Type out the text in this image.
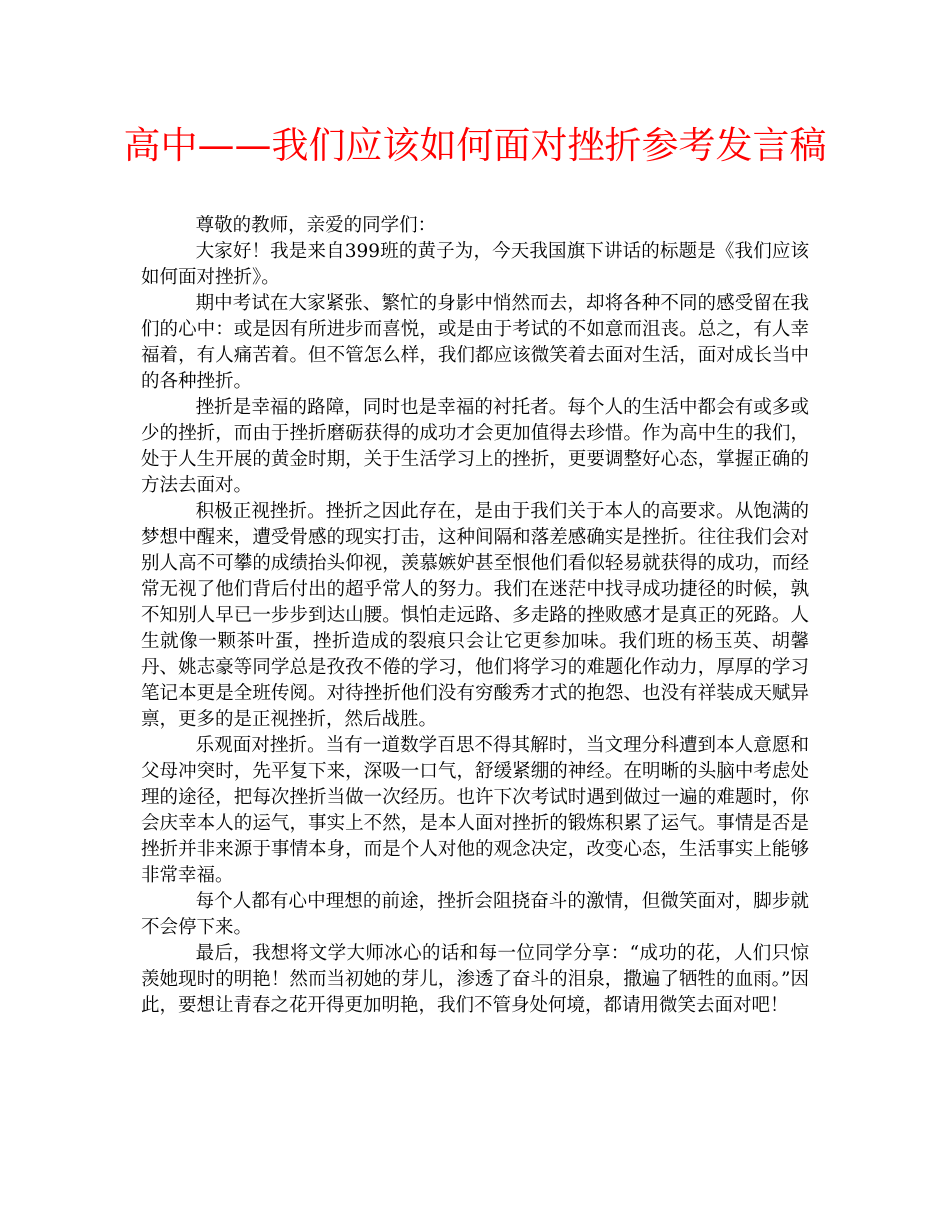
高中——我们应该如何面对挫折参考发言稿

尊敬的教师，亲爱的同学们：

大家好！我是来自399班的黄子为，今天我国旗下讲话的标题是《我们应该如何面对挫折》。

期中考试在大家紧张、繁忙的身影中悄然而去，却将各种不同的感受留在我们的心中：或是因有所进步而喜悦，或是由于考试的不如意而沮丧。总之，有人幸福着，有人痛苦着。但不管怎么样，我们都应该微笑着去面对生活，面对成长当中的各种挫折。

挫折是幸福的路障，同时也是幸福的衬托者。每个人的生活中都会有或多或少的挫折，而由于挫折磨砺获得的成功才会更加值得去珍惜。作为高中生的我们，处于人生开展的黄金时期，关于生活学习上的挫折，更要调整好心态，掌握正确的方法去面对。

积极正视挫折。挫折之因此存在，是由于我们关于本人的高要求。从饱满的梦想中醒来，遭受骨感的现实打击，这种间隔和落差感确实是挫折。往往我们会对别人高不可攀的成绩抬头仰视，羡慕嫉妒甚至恨他们看似轻易就获得的成功，而经常无视了他们背后付出的超乎常人的努力。我们在迷茫中找寻成功捷径的时候，孰不知别人早已一步步到达山腰。惧怕走远路、多走路的挫败感才是真正的死路。人生就像一颗茶叶蛋，挫折造成的裂痕只会让它更参加味。我们班的杨玉英、胡馨丹、姚志豪等同学总是孜孜不倦的学习，他们将学习的难题化作动力，厚厚的学习笔记本更是全班传阅。对待挫折他们没有穷酸秀才式的抱怨、也没有祥装成天赋异禀，更多的是正视挫折，然后战胜。

乐观面对挫折。当有一道数学百思不得其解时，当文理分科遭到本人意愿和父母冲突时，先平复下来，深吸一口气，舒缓紧绷的神经。在明晰的头脑中考虑处理的途径，把每次挫折当做一次经历。也许下次考试时遇到做过一遍的难题时，你会庆幸本人的运气，事实上不然，是本人面对挫折的锻炼积累了运气。事情是否是挫折并非来源于事情本身，而是个人对他的观念决定，改变心态，生活事实上能够非常幸福。

每个人都有心中理想的前途，挫折会阻挠奋斗的激情，但微笑面对，脚步就不会停下来。

最后，我想将文学大师冰心的话和每一位同学分享：“成功的花，人们只惊羡她现时的明艳！然而当初她的芽儿，渗透了奋斗的泪泉，撒遍了牺牲的血雨。”因此，要想让青春之花开得更加明艳，我们不管身处何境，都请用微笑去面对吧！
